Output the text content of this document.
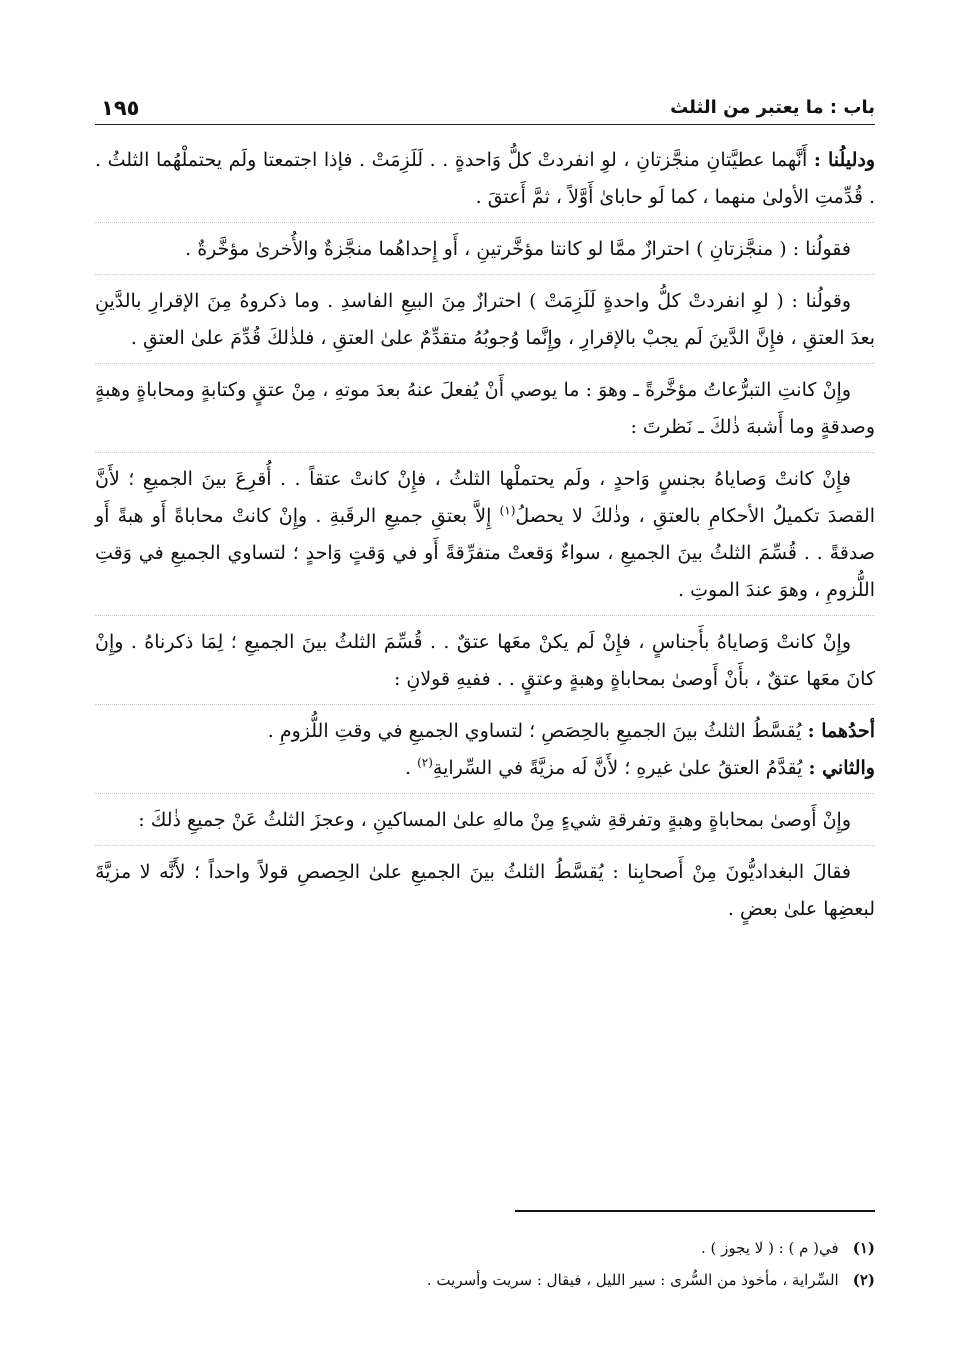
باب : ما يعتبر من الثلث
١٩٥

ودليلُنا : أَنَّهما عطيَّتانِ منجَّزتانِ ، لوِ انفردتْ كلُّ وَاحدةٍ . . لَلَزِمَتْ . فإذا اجتمعتا ولَم يحتملْهُما الثلثُ . . قُدِّمتِ الأولىٰ منهما ، كما لَو حاباىٰ أَوَّلاً ، ثمَّ أَعتقَ .

فقولُنا : ( منجَّزتانِ ) احترازٌ ممَّا لو كانتا مؤخَّرتينِ ، أَو إِحداهُما منجَّزةٌ والأُخرىٰ مؤخَّرةٌ .

وقولُنا : ( لوِ انفردتْ كلُّ واحدةٍ لَلَزِمَتْ ) احترازٌ مِنَ البيعِ الفاسدِ . وما ذكروهُ مِنَ الإقرارِ بالدَّينِ بعدَ العتقِ ، فإِنَّ الدَّينَ لَم يجبْ بالإقرارِ ، وإِنَّما وُجوبُهُ متقدِّمٌ علىٰ العتقِ ، فلذٰلكَ قُدِّمَ علىٰ العتقِ .

وإِنْ كانتِ التبرُّعاتُ مؤخَّرةً ـ وهوَ : ما يوصي أَنْ يُفعلَ عنهُ بعدَ موتهِ ، مِنْ عتقٍ وكتابةٍ ومحاباةٍ وهبةٍ وصدقةٍ وما أَشبهَ ذٰلكَ ـ نَظرتَ :

فإِنْ كانتْ وَصاياهُ بجنسٍ وَاحدٍ ، ولَم يحتملْها الثلثُ ، فإِنْ كانتْ عتقاً . . أُقرِعَ بينَ الجميعِ ؛ لأَنَّ القصدَ تكميلُ الأحكامِ بالعتقِ ، وذٰلكَ لا يحصلُ$^{(١)}$ إِلاَّ بعتقِ جميعِ الرقَبةِ . وإِنْ كانتْ محاباةً أَو هبةً أَو صدقةً . . قُسِّمَ الثلثُ بينَ الجميعِ ، سواءٌ وَقعتْ متفرِّقةً أَو في وَقتٍ وَاحدٍ ؛ لتساوي الجميعِ في وَقتِ اللُّزومِ ، وهوَ عندَ الموتِ .

وإِنْ كانتْ وَصاياهُ بأَجناسٍ ، فإِنْ لَم يكنْ معَها عتقٌ . . قُسِّمَ الثلثُ بينَ الجميعِ ؛ لِمَا ذكرناهُ . وإِنْ كانَ معَها عتقٌ ، بأَنْ أَوصىٰ بمحاباةٍ وهبةٍ وعتقٍ . . ففيهِ قولانِ :

أحدُهما : يُقسَّطُ الثلثُ بينَ الجميعِ بالحِصَصِ ؛ لتساوي الجميعِ في وقتِ اللُّزومِ .
والثاني : يُقدَّمُ العتقُ علىٰ غيرهِ ؛ لأَنَّ لَه مزيَّةً في السِّرايةِ$^{(٢)}$ .

وإِنْ أَوصىٰ بمحاباةٍ وهبةٍ وتفرقةِ شيءٍ مِنْ مالهِ علىٰ المساكينِ ، وعجزَ الثلثُ عَنْ جميعِ ذٰلكَ :

فقالَ البغداديُّونَ مِنْ أَصحابِنا : يُقسَّطُ الثلثُ بينَ الجميعِ علىٰ الحِصصِ قولاً واحداً ؛ لأَنَّه لا مزيَّةَ لبعضِها علىٰ بعضٍ .

(١)
في( م ) : ( لا يجوز ) .
(٢)
السِّراية ، مأخوذ من السُّرى : سير الليل ، فيقال : سريت وأسريت .
